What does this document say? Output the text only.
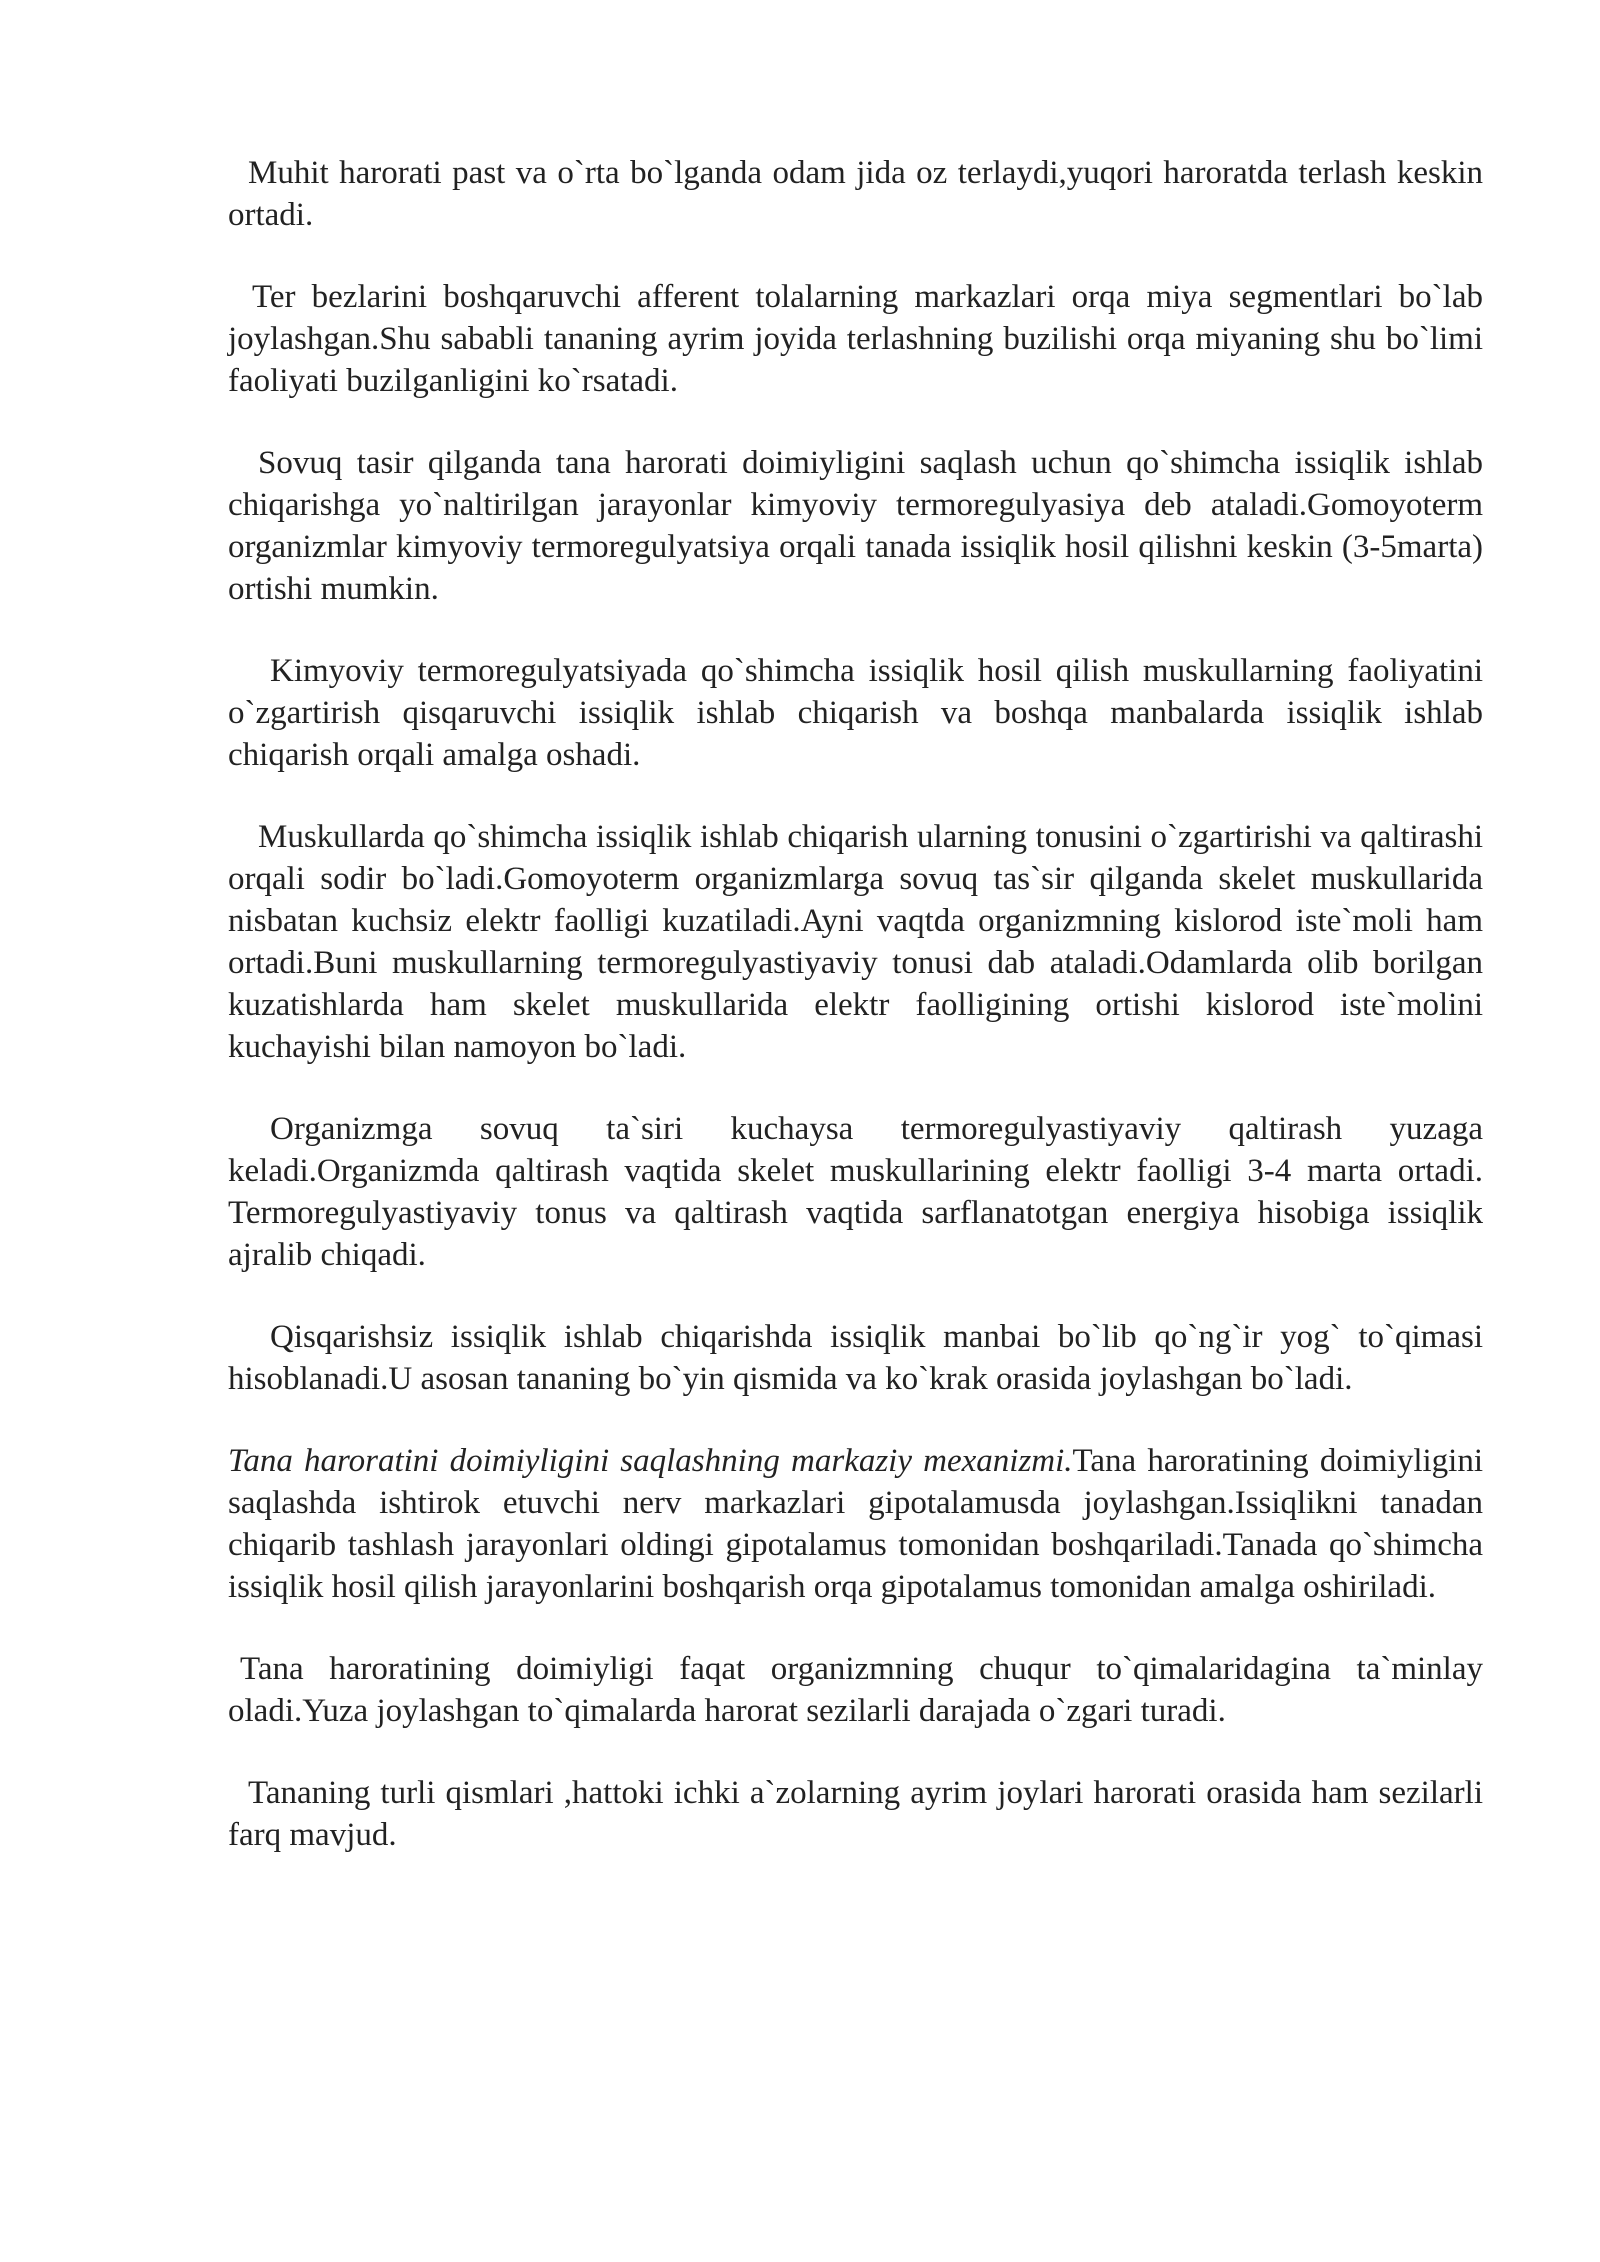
Muhit harorati past va o`rta bo`lganda odam jida oz terlaydi,yuqori haroratda terlash keskin ortadi.

Ter bezlarini boshqaruvchi afferent tolalarning markazlari orqa miya segmentlari bo`lab joylashgan.Shu sababli tananing ayrim joyida terlashning buzilishi orqa miyaning shu bo`limi faoliyati buzilganligini ko`rsatadi.

Sovuq tasir qilganda tana harorati doimiyligini saqlash uchun qo`shimcha issiqlik ishlab chiqarishga yo`naltirilgan jarayonlar kimyoviy termoregulyasiya deb ataladi.Gomoyoterm organizmlar kimyoviy termoregulyatsiya orqali tanada issiqlik hosil qilishni keskin (3-5marta) ortishi mumkin.

Kimyoviy termoregulyatsiyada qo`shimcha issiqlik hosil qilish muskullarning faoliyatini o`zgartirish qisqaruvchi issiqlik ishlab chiqarish va boshqa manbalarda issiqlik ishlab chiqarish orqali amalga oshadi.

Muskullarda qo`shimcha issiqlik ishlab chiqarish ularning tonusini o`zgartirishi va qaltirashi orqali sodir bo`ladi.Gomoyoterm organizmlarga sovuq tas`sir qilganda skelet muskullarida nisbatan kuchsiz elektr faolligi kuzatiladi.Ayni vaqtda organizmning kislorod iste`moli ham ortadi.Buni muskullarning termoregulyastiyaviy tonusi dab ataladi.Odamlarda olib borilgan kuzatishlarda ham skelet muskullarida elektr faolligining ortishi kislorod iste`molini kuchayishi bilan namoyon bo`ladi.

Organizmga sovuq ta`siri kuchaysa termoregulyastiyaviy qaltirash yuzaga keladi.Organizmda qaltirash vaqtida skelet muskullarining elektr faolligi 3-4 marta ortadi. Termoregulyastiyaviy tonus va qaltirash vaqtida sarflanatotgan energiya hisobiga issiqlik ajralib chiqadi.

Qisqarishsiz issiqlik ishlab chiqarishda issiqlik manbai bo`lib qo`ng`ir yog` to`qimasi hisoblanadi.U asosan tananing bo`yin qismida va ko`krak orasida joylashgan bo`ladi.

Tana haroratini doimiyligini saqlashning markaziy mexanizmi.Tana haroratining doimiyligini saqlashda ishtirok etuvchi nerv markazlari gipotalamusda joylashgan.Issiqlikni tanadan chiqarib tashlash jarayonlari oldingi gipotalamus tomonidan boshqariladi.Tanada qo`shimcha issiqlik hosil qilish jarayonlarini boshqarish orqa gipotalamus tomonidan amalga oshiriladi.

Tana haroratining doimiyligi faqat organizmning chuqur to`qimalaridagina ta`minlay oladi.Yuza joylashgan to`qimalarda harorat sezilarli darajada o`zgari turadi.

Tananing turli qismlari ,hattoki ichki a`zolarning ayrim joylari harorati orasida ham sezilarli farq mavjud.
